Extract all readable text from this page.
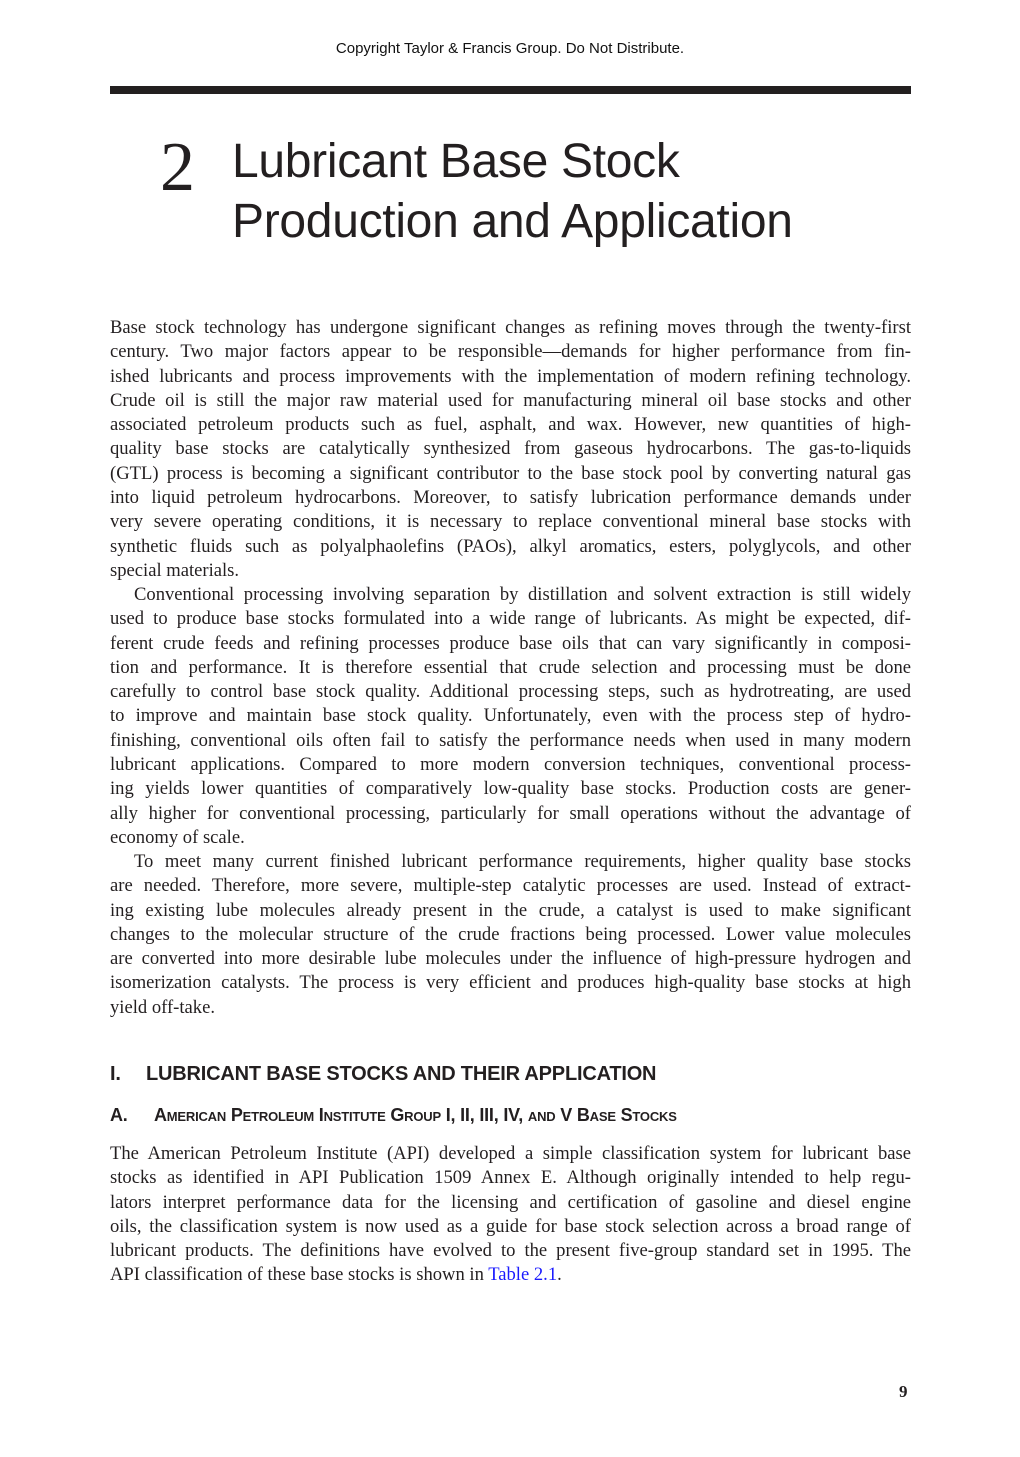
Copyright Taylor & Francis Group. Do Not Distribute.
2 Lubricant Base Stock
Production and Application
Base stock technology has undergone significant changes as refining moves through the twenty-first
century. Two major factors appear to be responsible—demands for higher performance from fin-
ished lubricants and process improvements with the implementation of modern refining technology.
Crude oil is still the major raw material used for manufacturing mineral oil base stocks and other
associated petroleum products such as fuel, asphalt, and wax. However, new quantities of high-
quality base stocks are catalytically synthesized from gaseous hydrocarbons. The gas-to-liquids
(GTL) process is becoming a significant contributor to the base stock pool by converting natural gas
into liquid petroleum hydrocarbons. Moreover, to satisfy lubrication performance demands under
very severe operating conditions, it is necessary to replace conventional mineral base stocks with
synthetic fluids such as polyalphaolefins (PAOs), alkyl aromatics, esters, polyglycols, and other
special materials.
Conventional processing involving separation by distillation and solvent extraction is still widely
used to produce base stocks formulated into a wide range of lubricants. As might be expected, dif-
ferent crude feeds and refining processes produce base oils that can vary significantly in composi-
tion and performance. It is therefore essential that crude selection and processing must be done
carefully to control base stock quality. Additional processing steps, such as hydrotreating, are used
to improve and maintain base stock quality. Unfortunately, even with the process step of hydro-
finishing, conventional oils often fail to satisfy the performance needs when used in many modern
lubricant applications. Compared to more modern conversion techniques, conventional process-
ing yields lower quantities of comparatively low-quality base stocks. Production costs are gener-
ally higher for conventional processing, particularly for small operations without the advantage of
economy of scale.
To meet many current finished lubricant performance requirements, higher quality base stocks
are needed. Therefore, more severe, multiple-step catalytic processes are used. Instead of extract-
ing existing lube molecules already present in the crude, a catalyst is used to make significant
changes to the molecular structure of the crude fractions being processed. Lower value molecules
are converted into more desirable lube molecules under the influence of high-pressure hydrogen and
isomerization catalysts. The process is very efficient and produces high-quality base stocks at high
yield off-take.
I. LUBRICANT BASE STOCKS AND THEIR APPLICATION
A. American Petroleum Institute Group I, II, III, IV, and V Base Stocks
The American Petroleum Institute (API) developed a simple classification system for lubricant base
stocks as identified in API Publication 1509 Annex E. Although originally intended to help regu-
lators interpret performance data for the licensing and certification of gasoline and diesel engine
oils, the classification system is now used as a guide for base stock selection across a broad range of
lubricant products. The definitions have evolved to the present five-group standard set in 1995. The
API classification of these base stocks is shown in Table 2.1.
9
